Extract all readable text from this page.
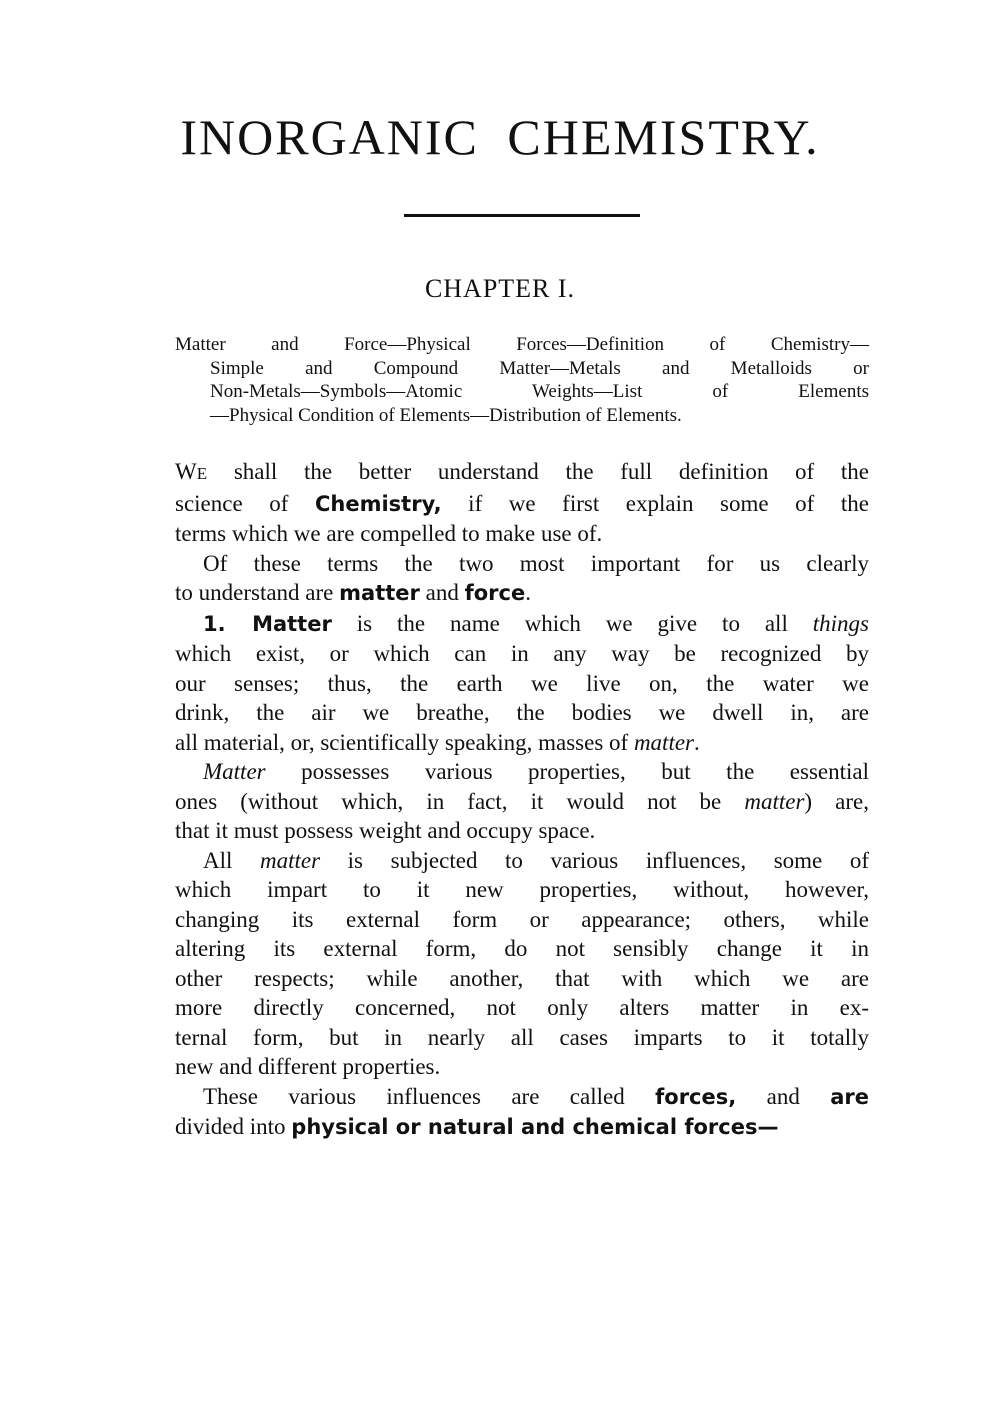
INORGANIC CHEMISTRY.
CHAPTER I.
Matter and Force—Physical Forces—Definition of Chemistry—
Simple and Compound Matter—Metals and Metalloids or
Non-Metals—Symbols—Atomic Weights—List of Elements
—Physical Condition of Elements—Distribution of Elements.
WE shall the better understand the full definition of the
science of Chemistry, if we first explain some of the
terms which we are compelled to make use of.
Of these terms the two most important for us clearly
to understand are matter and force.
1. Matter is the name which we give to all things
which exist, or which can in any way be recognized by
our senses; thus, the earth we live on, the water we
drink, the air we breathe, the bodies we dwell in, are
all material, or, scientifically speaking, masses of matter.
Matter possesses various properties, but the essential
ones (without which, in fact, it would not be matter) are,
that it must possess weight and occupy space.
All matter is subjected to various influences, some of
which impart to it new properties, without, however,
changing its external form or appearance; others, while
altering its external form, do not sensibly change it in
other respects; while another, that with which we are
more directly concerned, not only alters matter in ex-
ternal form, but in nearly all cases imparts to it totally
new and different properties.
These various influences are called forces, and are
divided into physical or natural and chemical forces—
